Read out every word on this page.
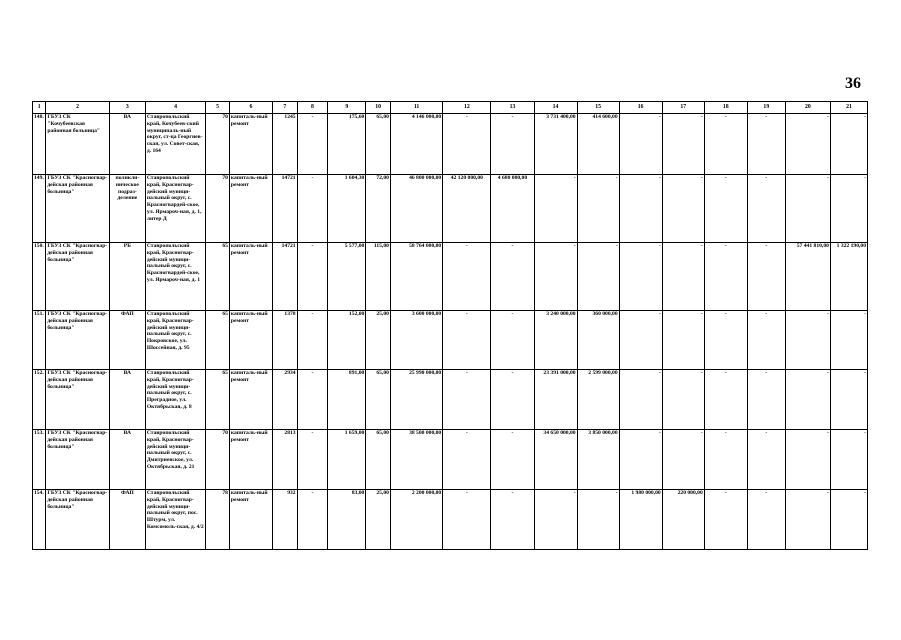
36
1	2	3	4	5	6	7	8	9	10	11	12	13	14	15	16	17	18	19	20	21
148.	ГБУЗ СК "Кочубеевская районная больница"	ВА	Ставропольский край, Кочубеев-ский муниципаль-ный округ, ст-ца Георгиев-ская, ул. Совет-ская, д. 164	70	капиталь-ный ремонт	1245	-	175,60	65,00	4 146 000,00	-	-	3 731 400,00	414 600,00	-	-	-	-	-	-
149.	ГБУЗ СК "Красногвар-дейская районная больница"	поликли-ническое подраз-деление	Ставропольский край, Красногвар-дейский муници-пальный округ, с. Красногвардей-ское, ул. Ярмароч-ная, д. 1, литер Д	70	капиталь-ный ремонт	14721	-	1 604,30	72,00	46 800 000,00	42 120 000,00	4 680 000,00	-	-	-	-	-	-	-	-
150.	ГБУЗ СК "Красногвар-дейская районная больница"	РБ	Ставропольский край, Красногвар-дейский муници-пальный округ, с. Красногвардей-ское, ул. Ярмароч-ная, д. 1	65	капиталь-ный ремонт	14721	-	5 577,00	115,00	58 764 000,00	-	-	-	-	-	-	-	-	57 441 810,00	1 322 190,00
151.	ГБУЗ СК "Красногвар-дейская районная больница"	ФАП	Ставропольский край, Красногвар-дейский муници-пальный округ, с. Покровское, ул. Шоссейная, д. 95	65	капиталь-ный ремонт	1378	-	152,00	25,00	3 600 000,00	-	-	3 240 000,00	360 000,00	-	-	-	-	-	-
152.	ГБУЗ СК "Красногвар-дейская районная больница"	ВА	Ставропольский край, Красногвар-дейский муници-пальный округ, с. Преградное, ул. Октябрьская, д. 8	65	капиталь-ный ремонт	2934	-	891,00	65,00	25 990 000,00	-	-	23 391 000,00	2 599 000,00	-	-	-	-	-	-
153.	ГБУЗ СК "Красногвар-дейская районная больница"	ВА	Ставропольский край, Красногвар-дейский муници-пальный округ, с. Дмитриевское, ул. Октябрьская, д. 21	70	капиталь-ный ремонт	2813	-	1 659,00	65,00	38 500 000,00	-	-	34 650 000,00	3 850 000,00	-	-	-	-	-	-
154.	ГБУЗ СК "Красногвар-дейская районная больница"	ФАП	Ставропольский край, Красногвар-дейский муници-пальный округ, пос. Штурм, ул. Комсомоль-ская, д. 4/2	78	капиталь-ный ремонт	932	-	83,00	25,00	2 200 000,00	-	-	-	-	1 980 000,00	220 000,00	-	-	-	-
